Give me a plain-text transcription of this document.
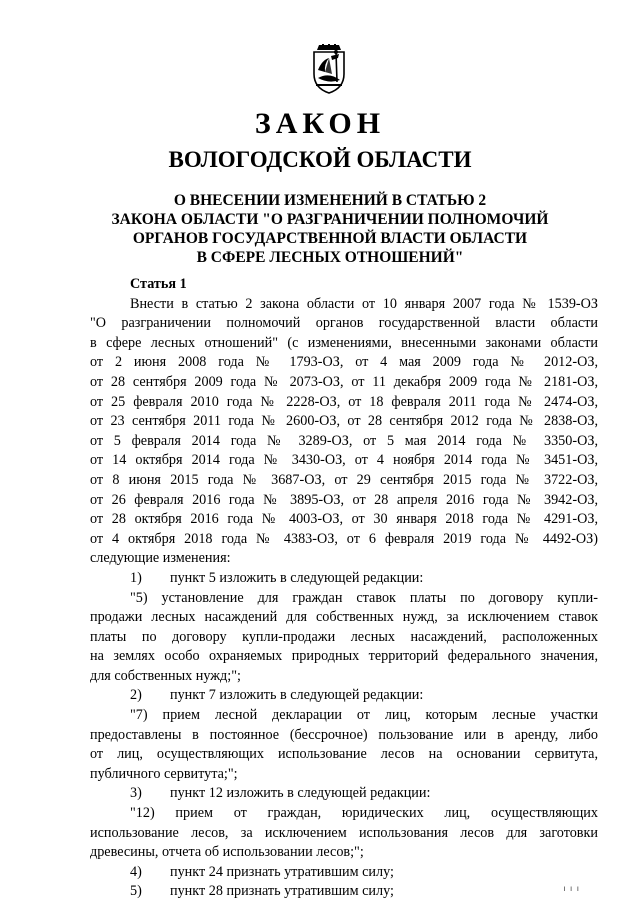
ЗАКОН
ВОЛОГОДСКОЙ ОБЛАСТИ
О ВНЕСЕНИИ ИЗМЕНЕНИЙ В СТАТЬЮ 2
ЗАКОНА ОБЛАСТИ "О РАЗГРАНИЧЕНИИ ПОЛНОМОЧИЙ
ОРГАНОВ ГОСУДАРСТВЕННОЙ ВЛАСТИ ОБЛАСТИ
В СФЕРЕ ЛЕСНЫХ ОТНОШЕНИЙ"
Статья 1
Внести в статью 2 закона области от 10 января 2007 года № 1539-ОЗ
"О разграничении полномочий органов государственной власти области
в сфере лесных отношений" (с изменениями, внесенными законами области
от 2 июня 2008 года № 1793-ОЗ, от 4 мая 2009 года № 2012-ОЗ,
от 28 сентября 2009 года № 2073-ОЗ, от 11 декабря 2009 года № 2181-ОЗ,
от 25 февраля 2010 года № 2228-ОЗ, от 18 февраля 2011 года № 2474-ОЗ,
от 23 сентября 2011 года № 2600-ОЗ, от 28 сентября 2012 года № 2838-ОЗ,
от 5 февраля 2014 года № 3289-ОЗ, от 5 мая 2014 года № 3350-ОЗ,
от 14 октября 2014 года № 3430-ОЗ, от 4 ноября 2014 года № 3451-ОЗ,
от 8 июня 2015 года № 3687-ОЗ, от 29 сентября 2015 года № 3722-ОЗ,
от 26 февраля 2016 года № 3895-ОЗ, от 28 апреля 2016 года № 3942-ОЗ,
от 28 октября 2016 года № 4003-ОЗ, от 30 января 2018 года № 4291-ОЗ,
от 4 октября 2018 года № 4383-ОЗ, от 6 февраля 2019 года № 4492-ОЗ)
следующие изменения:
1)	пункт 5 изложить в следующей редакции:
"5) установление для граждан ставок платы по договору купли-
продажи лесных насаждений для собственных нужд, за исключением ставок
платы по договору купли-продажи лесных насаждений, расположенных
на землях особо охраняемых природных территорий федерального значения,
для собственных нужд;";
2)	пункт 7 изложить в следующей редакции:
"7) прием лесной декларации от лиц, которым лесные участки
предоставлены в постоянное (бессрочное) пользование или в аренду, либо
от лиц, осуществляющих использование лесов на основании сервитута,
публичного сервитута;";
3)	пункт 12 изложить в следующей редакции:
"12) прием от граждан, юридических лиц, осуществляющих
использование лесов, за исключением использования лесов для заготовки
древесины, отчета об использовании лесов;";
4)	пункт 24 признать утратившим силу;
5)	пункт 28 признать утратившим силу;	ı ı ı
